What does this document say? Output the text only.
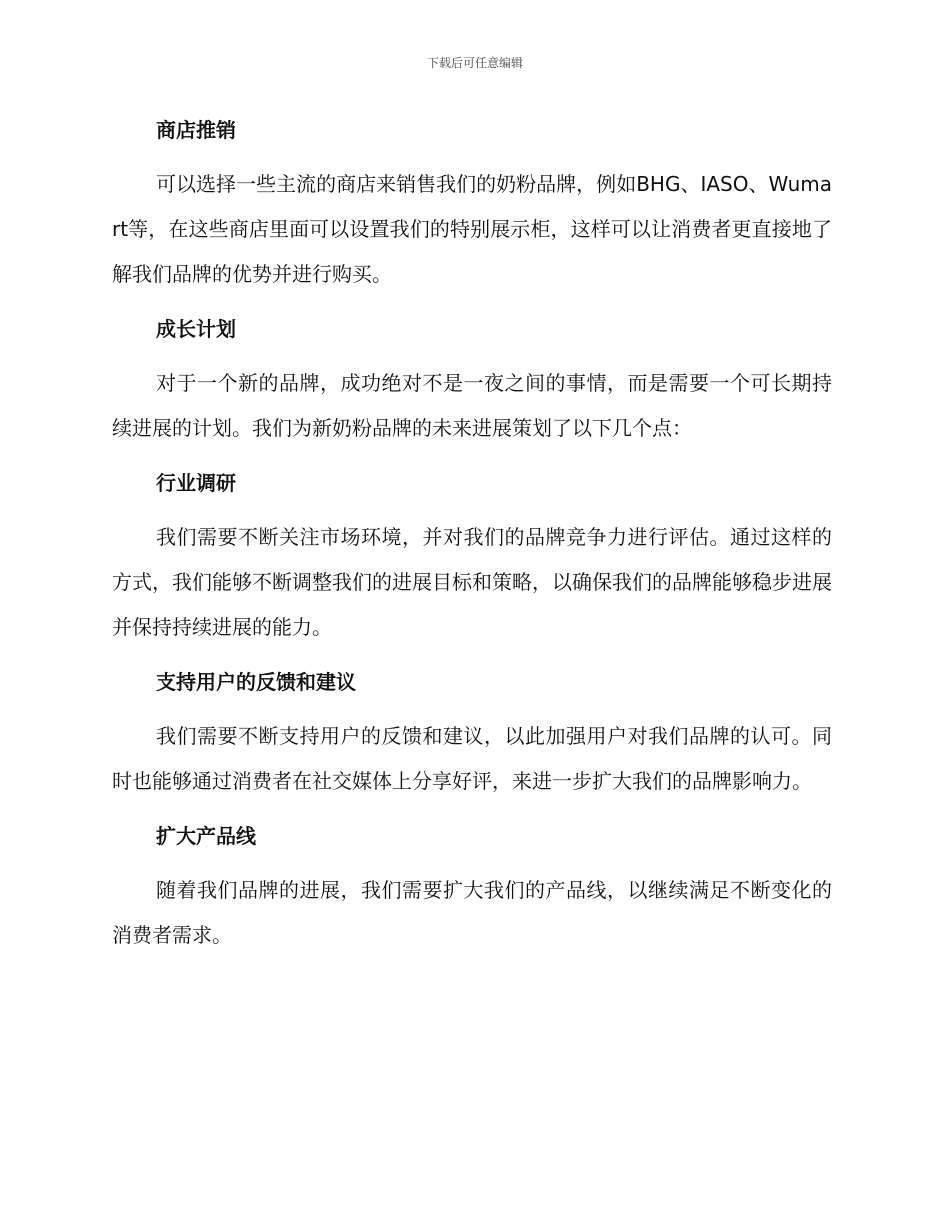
下载后可任意编辑
商店推销

可以选择一些主流的商店来销售我们的奶粉品牌，例如BHG、IASO、Wumart等，在这些商店里面可以设置我们的特别展示柜，这样可以让消费者更直接地了解我们品牌的优势并进行购买。

成长计划

对于一个新的品牌，成功绝对不是一夜之间的事情，而是需要一个可长期持续进展的计划。我们为新奶粉品牌的未来进展策划了以下几个点：

行业调研

我们需要不断关注市场环境，并对我们的品牌竞争力进行评估。通过这样的方式，我们能够不断调整我们的进展目标和策略，以确保我们的品牌能够稳步进展并保持持续进展的能力。

支持用户的反馈和建议

我们需要不断支持用户的反馈和建议，以此加强用户对我们品牌的认可。同时也能够通过消费者在社交媒体上分享好评，来进一步扩大我们的品牌影响力。

扩大产品线

随着我们品牌的进展，我们需要扩大我们的产品线，以继续满足不断变化的消费者需求。
